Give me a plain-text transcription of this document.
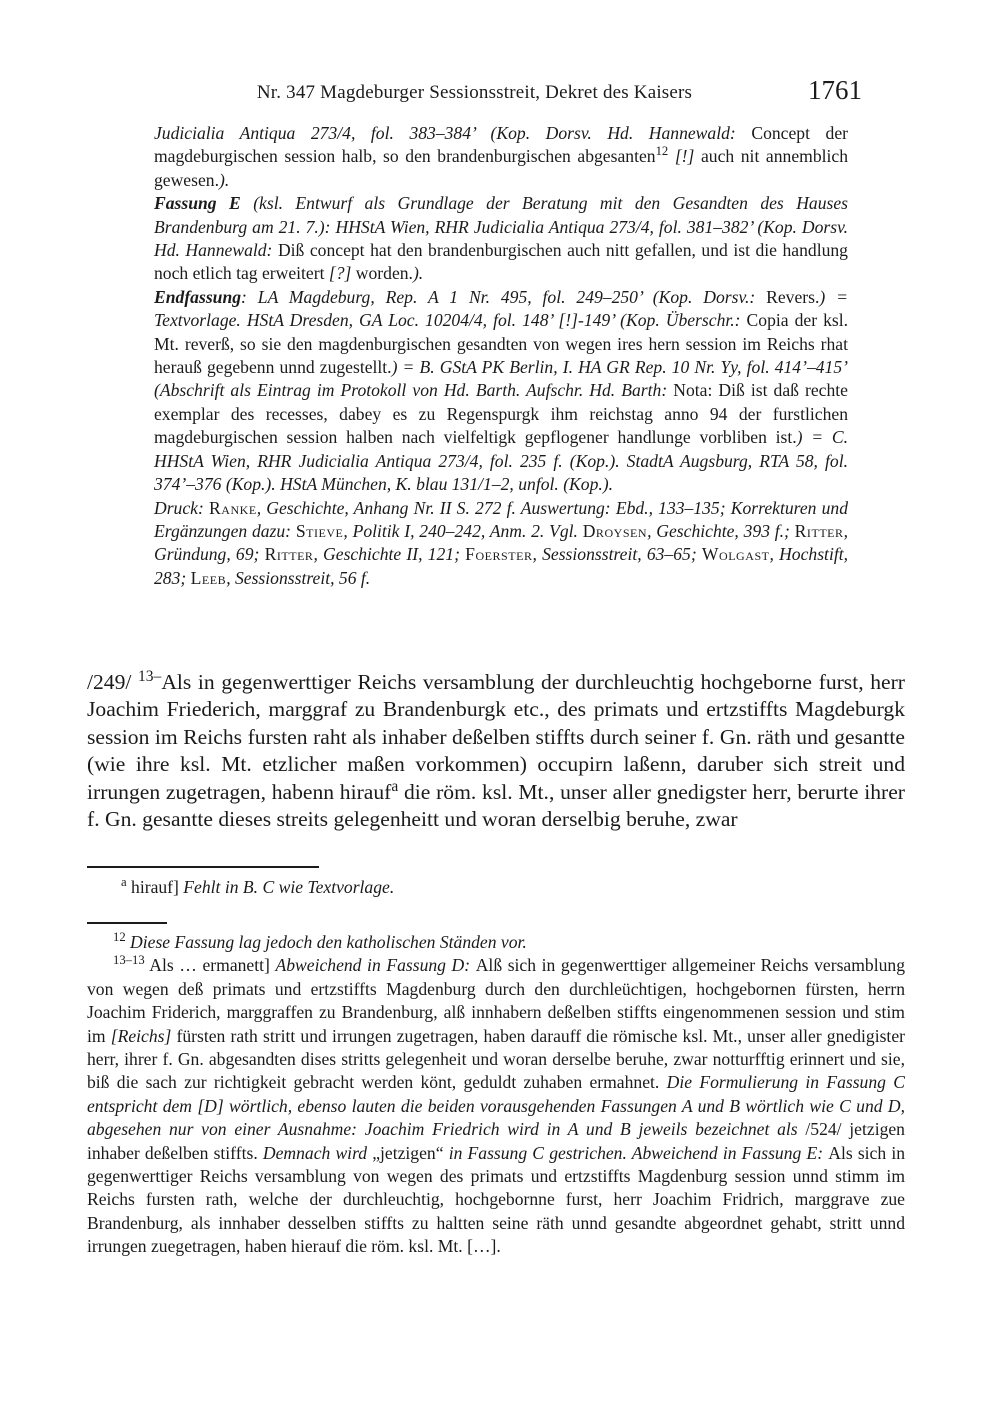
Nr. 347 Magdeburger Sessionsstreit, Dekret des Kaisers	1761

Judicialia Antiqua 273/4, fol. 383–384’ (Kop. Dorsv. Hd. Hannewald: Concept der magdeburgischen session halb, so den brandenburgischen abgesanten$^{12}$ [!] auch nit annemblich gewesen.).

Fassung E (ksl. Entwurf als Grundlage der Beratung mit den Gesandten des Hauses Brandenburg am 21. 7.): HHStA Wien, RHR Judicialia Antiqua 273/4, fol. 381–382’ (Kop. Dorsv. Hd. Hannewald: Diß concept hat den brandenburgischen auch nitt gefallen, und ist die handlung noch etlich tag erweitert [?] worden.).

Endfassung: LA Magdeburg, Rep. A 1 Nr. 495, fol. 249–250’ (Kop. Dorsv.: Revers.) = Textvorlage. HStA Dresden, GA Loc. 10204/4, fol. 148’ [!]-149’ (Kop. Überschr.: Copia der ksl. Mt. reverß, so sie den magdenburgischen gesandten von wegen ires hern session im Reichs rhat herauß gegebenn unnd zugestellt.) = B. GStA PK Berlin, I. HA GR Rep. 10 Nr. Yy, fol. 414’–415’ (Abschrift als Eintrag im Protokoll von Hd. Barth. Aufschr. Hd. Barth: Nota: Diß ist daß rechte exemplar des recesses, dabey es zu Regenspurgk ihm reichstag anno 94 der furstlichen magdeburgischen session halben nach vielfeltigk gepflogener handlunge vorbliben ist.) = C. HHStA Wien, RHR Judicialia Antiqua 273/4, fol. 235 f. (Kop.). StadtA Augsburg, RTA 58, fol. 374’–376 (Kop.). HStA München, K. blau 131/1–2, unfol. (Kop.).

Druck: Ranke, Geschichte, Anhang Nr. II S. 272 f. Auswertung: Ebd., 133–135; Korrekturen und Ergänzungen dazu: Stieve, Politik I, 240–242, Anm. 2. Vgl. Droysen, Geschichte, 393 f.; Ritter, Gründung, 69; Ritter, Geschichte II, 121; Foerster, Sessionsstreit, 63–65; Wolgast, Hochstift, 283; Leeb, Sessionsstreit, 56 f.

/249/ $^{13-}$Als in gegenwerttiger Reichs versamblung der durchleuchtig hochgeborne furst, herr Joachim Friederich, marggraf zu Brandenburgk etc., des primats und ertzstiffts Magdeburgk session im Reichs fursten raht als inhaber deßelben stiffts durch seiner f. Gn. räth und gesantte (wie ihre ksl. Mt. etzlicher maßen vorkommen) occupirn laßenn, daruber sich streit und irrungen zugetragen, habenn hirauf$^a$ die röm. ksl. Mt., unser aller gnedigster herr, berurte ihrer f. Gn. gesantte dieses streits gelegenheitt und woran derselbig beruhe, zwar

$^a$ hirauf] Fehlt in B. C wie Textvorlage.

$^{12}$ Diese Fassung lag jedoch den katholischen Ständen vor.

$^{13-13}$ Als … ermanett] Abweichend in Fassung D: Alß sich in gegenwerttiger allgemeiner Reichs versamblung von wegen deß primats und ertzstiffts Magdenburg durch den durchleüchtigen, hochgebornen fürsten, herrn Joachim Friderich, marggraffen zu Brandenburg, alß innhabern deßelben stiffts eingenommenen session und stim im [Reichs] fürsten rath stritt und irrungen zugetragen, haben darauff die römische ksl. Mt., unser aller gnedigister herr, ihrer f. Gn. abgesandten dises stritts gelegenheit und woran derselbe beruhe, zwar notturfftig erinnert und sie, biß die sach zur richtigkeit gebracht werden könt, geduldt zuhaben ermahnet. Die Formulierung in Fassung C entspricht dem [D] wörtlich, ebenso lauten die beiden vorausgehenden Fassungen A und B wörtlich wie C und D, abgesehen nur von einer Ausnahme: Joachim Friedrich wird in A und B jeweils bezeichnet als /524/ jetzigen inhaber deßelben stiffts. Demnach wird „jetzigen“ in Fassung C gestrichen. Abweichend in Fassung E: Als sich in gegenwerttiger Reichs versamblung von wegen des primats und ertzstiffts Magdenburg session unnd stimm im Reichs fursten rath, welche der durchleuchtig, hochgebornne furst, herr Joachim Fridrich, marggrave zue Brandenburg, als innhaber desselben stiffts zu haltten seine räth unnd gesandte abgeordnet gehabt, stritt unnd irrungen zuegetragen, haben hierauf die röm. ksl. Mt. […].
